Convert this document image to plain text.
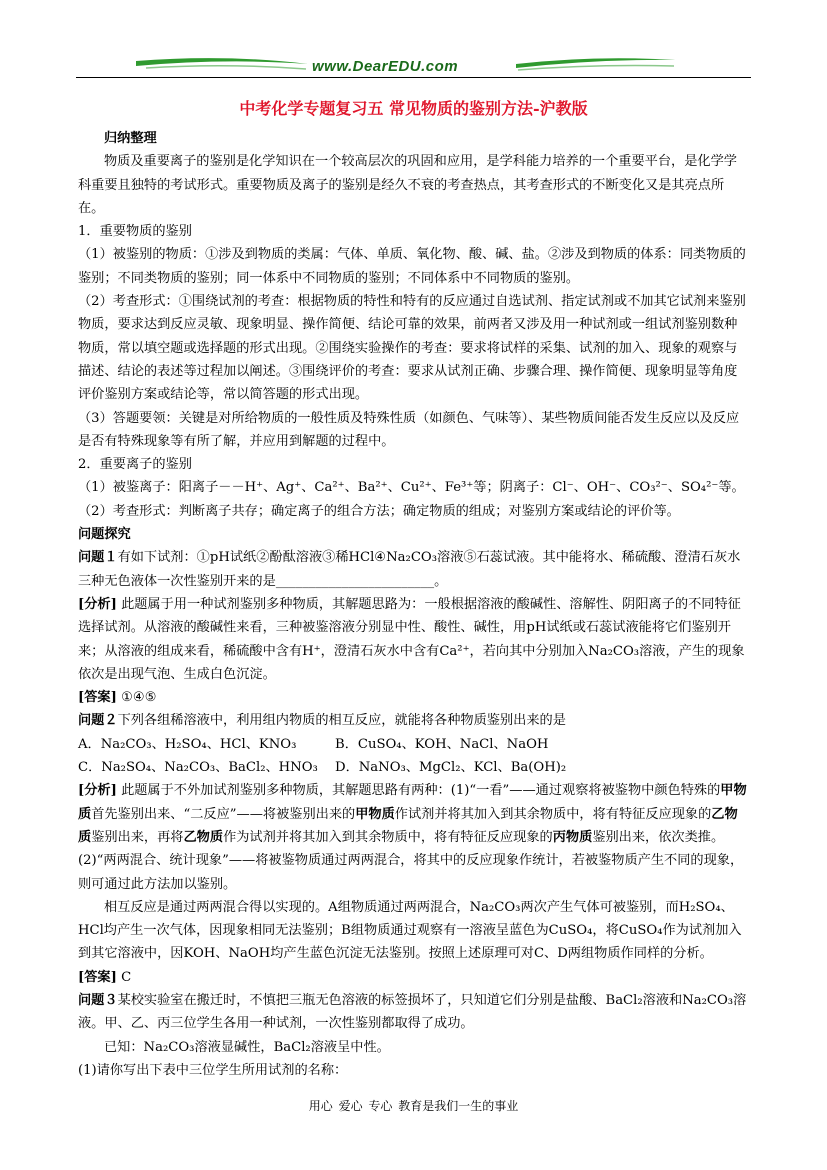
www.DearEDU.com
中考化学专题复习五 常见物质的鉴别方法-沪教版

归纳整理

物质及重要离子的鉴别是化学知识在一个较高层次的巩固和应用，是学科能力培养的一个重要平台，是化学学科重要且独特的考试形式。重要物质及离子的鉴别是经久不衰的考查热点，其考查形式的不断变化又是其亮点所在。

1．重要物质的鉴别

（1）被鉴别的物质：①涉及到物质的类属：气体、单质、氧化物、酸、碱、盐。②涉及到物质的体系：同类物质的鉴别；不同类物质的鉴别；同一体系中不同物质的鉴别；不同体系中不同物质的鉴别。

（2）考查形式：①围绕试剂的考查：根据物质的特性和特有的反应通过自选试剂、指定试剂或不加其它试剂来鉴别物质，要求达到反应灵敏、现象明显、操作简便、结论可靠的效果，前两者又涉及用一种试剂或一组试剂鉴别数种物质，常以填空题或选择题的形式出现。②围绕实验操作的考查：要求将试样的采集、试剂的加入、现象的观察与描述、结论的表述等过程加以阐述。③围绕评价的考查：要求从试剂正确、步骤合理、操作简便、现象明显等角度评价鉴别方案或结论等，常以简答题的形式出现。

（3）答题要领：关键是对所给物质的一般性质及特殊性质（如颜色、气味等）、某些物质间能否发生反应以及反应是否有特殊现象等有所了解，并应用到解题的过程中。

2．重要离子的鉴别

（1）被鉴离子：阳离子－－H⁺、Ag⁺、Ca²⁺、Ba²⁺、Cu²⁺、Fe³⁺等；阴离子：Cl⁻、OH⁻、CO₃²⁻、SO₄²⁻等。

（2）考查形式：判断离子共存；确定离子的组合方法；确定物质的组成；对鉴别方案或结论的评价等。

问题探究

问题１有如下试剂：①pH试纸②酚酞溶液③稀HCl④Na₂CO₃溶液⑤石蕊试液。其中能将水、稀硫酸、澄清石灰水三种无色液体一次性鉴别开来的是________________________。

[分析] 此题属于用一种试剂鉴别多种物质，其解题思路为：一般根据溶液的酸碱性、溶解性、阴阳离子的不同特征选择试剂。从溶液的酸碱性来看，三种被鉴溶液分别显中性、酸性、碱性，用pH试纸或石蕊试液能将它们鉴别开来；从溶液的组成来看，稀硫酸中含有H⁺，澄清石灰水中含有Ca²⁺，若向其中分别加入Na₂CO₃溶液，产生的现象依次是出现气泡、生成白色沉淀。

[答案] ①④⑤

问题２下列各组稀溶液中，利用组内物质的相互反应，就能将各种物质鉴别出来的是

A．Na₂CO₃、H₂SO₄、HCl、KNO₃	B．CuSO₄、KOH、NaCl、NaOH
C．Na₂SO₄、Na₂CO₃、BaCl₂、HNO₃	D．NaNO₃、MgCl₂、KCl、Ba(OH)₂

[分析] 此题属于不外加试剂鉴别多种物质，其解题思路有两种：(1)“一看”——通过观察将被鉴物中颜色特殊的甲物质首先鉴别出来、“二反应”——将被鉴别出来的甲物质作试剂并将其加入到其余物质中，将有特征反应现象的乙物质鉴别出来，再将乙物质作为试剂并将其加入到其余物质中，将有特征反应现象的丙物质鉴别出来，依次类推。(2)“两两混合、统计现象”——将被鉴物质通过两两混合，将其中的反应现象作统计，若被鉴物质产生不同的现象，则可通过此方法加以鉴别。

相互反应是通过两两混合得以实现的。A组物质通过两两混合，Na₂CO₃两次产生气体可被鉴别，而H₂SO₄、HCl均产生一次气体，因现象相同无法鉴别；B组物质通过观察有一溶液呈蓝色为CuSO₄，将CuSO₄作为试剂加入到其它溶液中，因KOH、NaOH均产生蓝色沉淀无法鉴别。按照上述原理可对C、D两组物质作同样的分析。

[答案] C

问题３某校实验室在搬迁时，不慎把三瓶无色溶液的标签损坏了，只知道它们分别是盐酸、BaCl₂溶液和Na₂CO₃溶液。甲、乙、丙三位学生各用一种试剂，一次性鉴别都取得了成功。

已知：Na₂CO₃溶液显碱性，BaCl₂溶液呈中性。

(1)请你写出下表中三位学生所用试剂的名称：

用心 爱心 专心 教育是我们一生的事业
